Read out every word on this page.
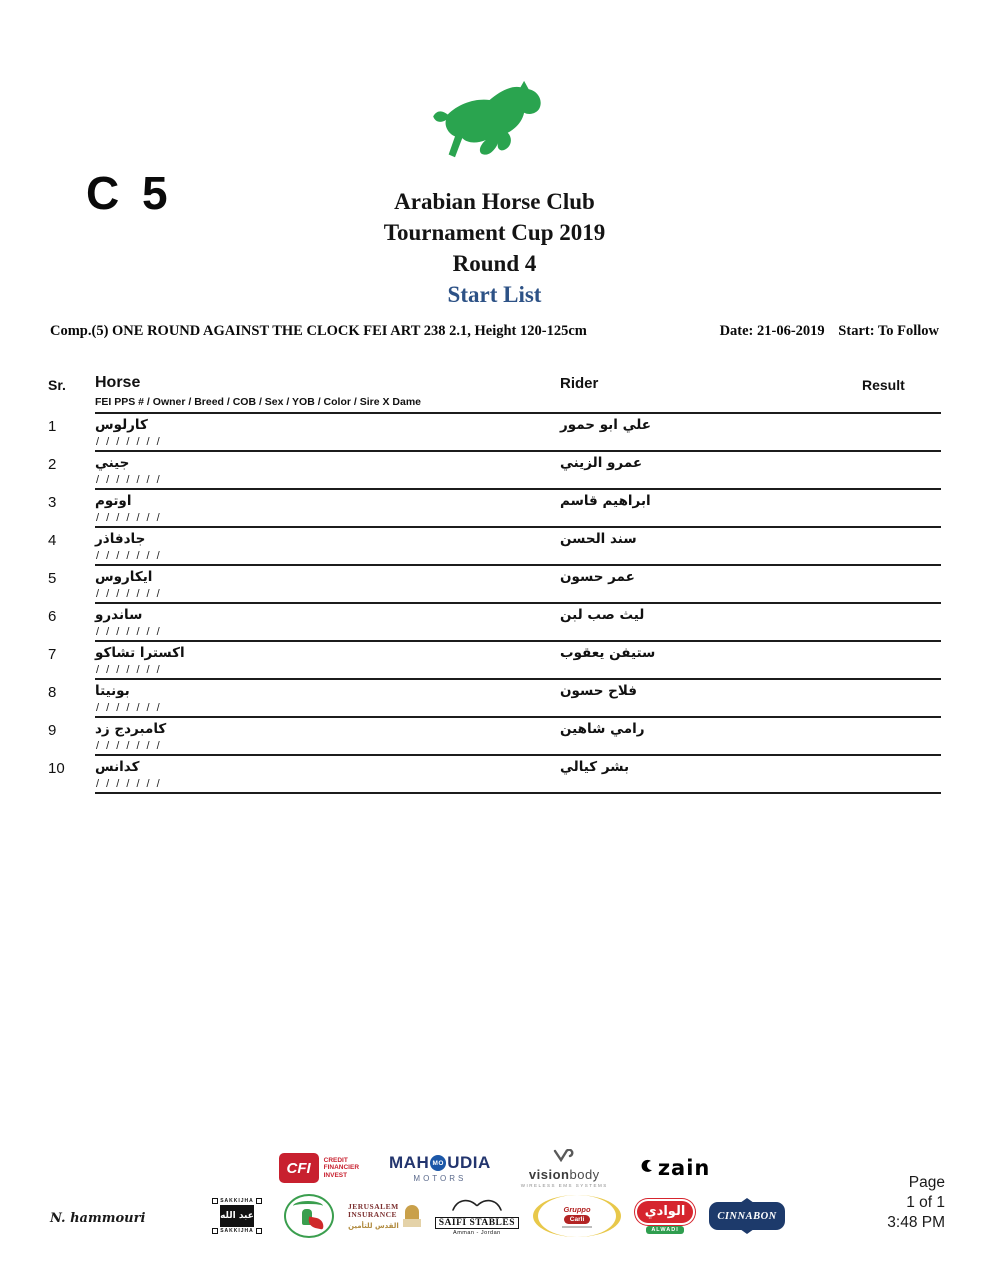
C 5	Arabian Horse Club
Tournament Cup 2019
Round 4
Start List
Comp.(5) ONE ROUND AGAINST THE CLOCK FEI ART 238 2.1, Height 120-125cm	Date: 21-06-2019 Start: To Follow
Sr.	Horse	Rider	Result
FEI PPS # / Owner / Breed / COB / Sex / YOB / Color / Sire X Dame
1	كارلوس	علي ابو حمور
/ / / / / / /
2	جيني	عمرو الزيني
/ / / / / / /
3	اوتوم	ابراهيم قاسم
/ / / / / / /
4	جادفاذر	سند الحسن
/ / / / / / /
5	ايكاروس	عمر حسون
/ / / / / / /
6	ساندرو	ليث صب لبن
/ / / / / / /
7	اكسترا تشاكو	ستيفن يعقوب
/ / / / / / /
8	بونيتا	فلاح حسون
/ / / / / / /
9	كامبردج زد	رامي شاهين
/ / / / / / /
10	كدانس	بشر كيالي
/ / / / / / /
CFI	CREDIT
FINANCIER
INVEST
MAH MO UDIA
MOTORS	visionbody
WIRELESS EMS SYSTEMS
zain
SAKKIJHA
عبد الله
SAKKIJHA
JERUSALEM
INSURANCE
القدس للتأمين	SAIFI STABLES
Amman - Jordan
Gruppo
Carli	الوادي
ALWADI
CINNABON
Page
1 of 1
3:48 PM
N. hammouri
